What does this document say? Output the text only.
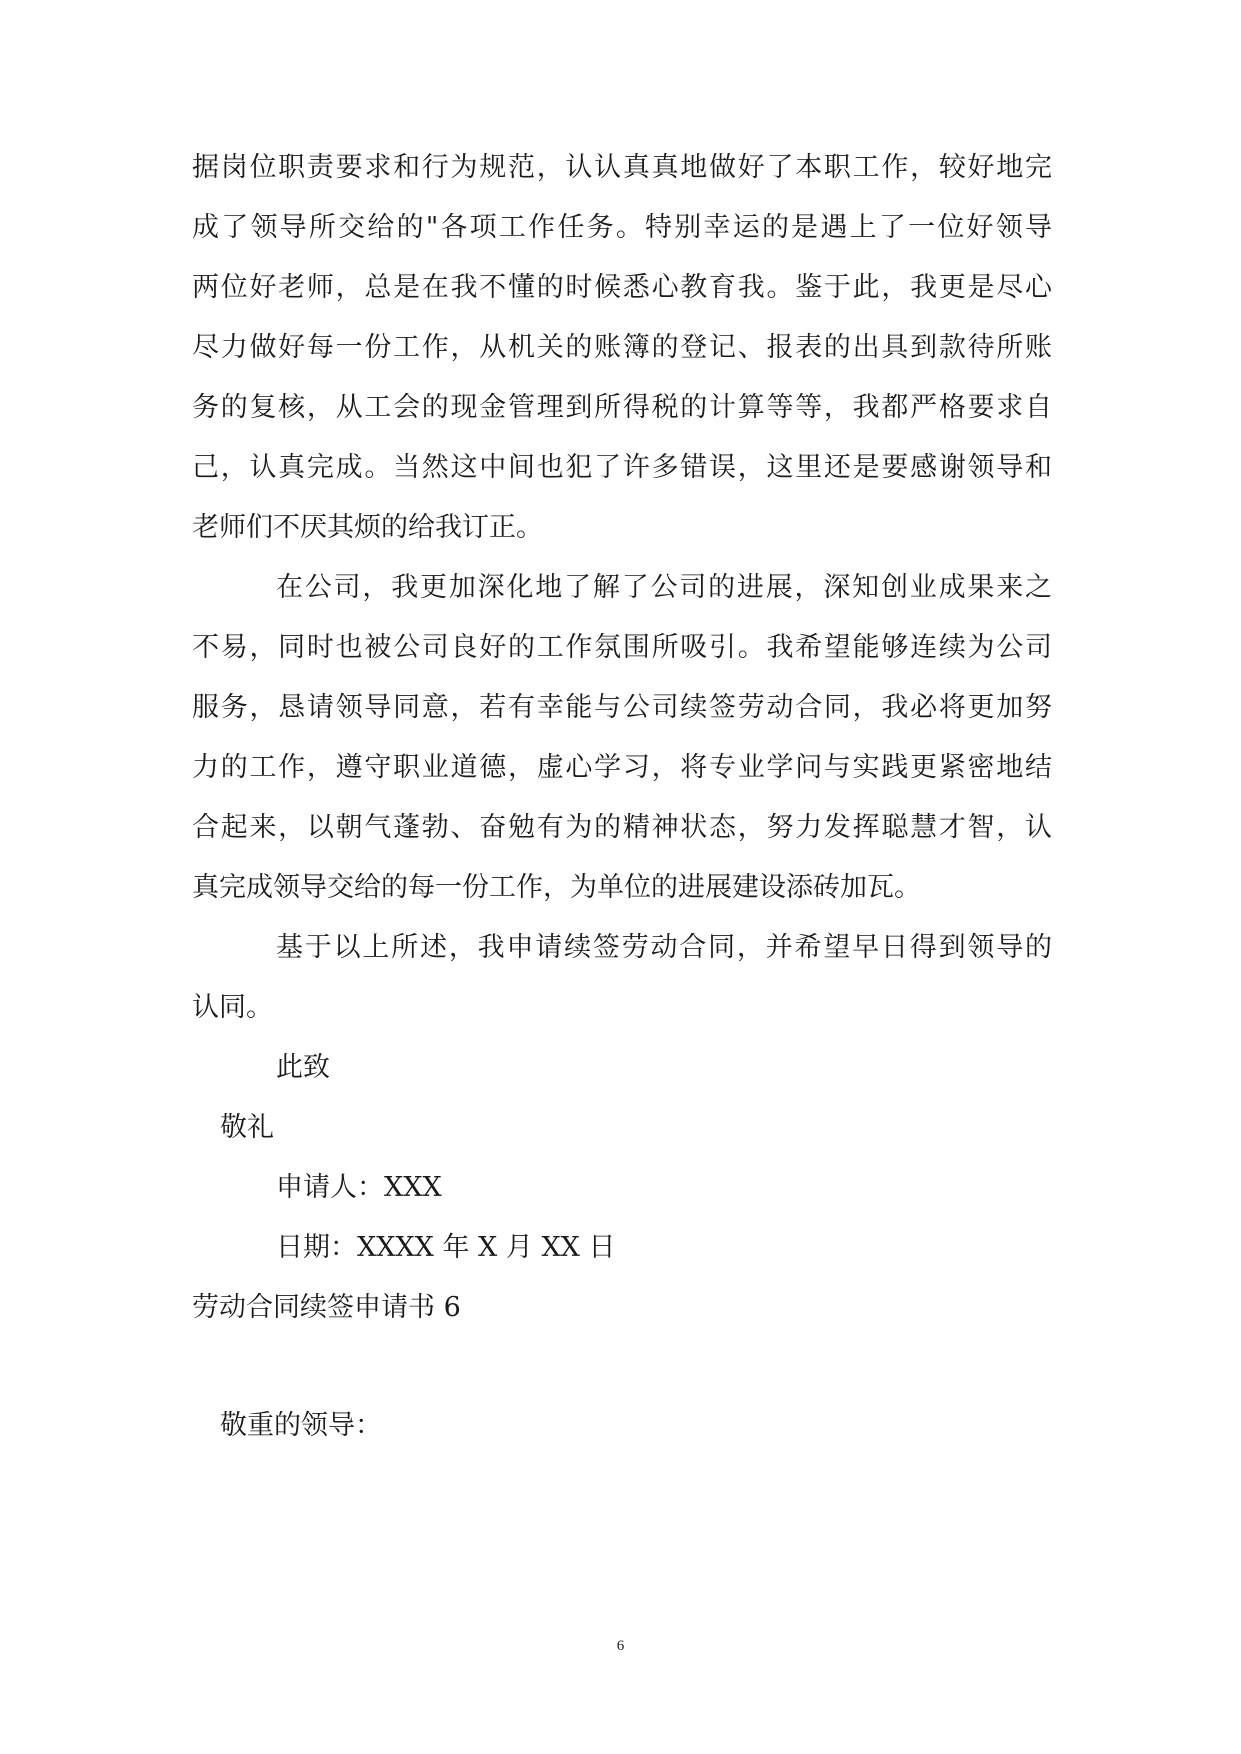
据岗位职责要求和行为规范，认认真真地做好了本职工作，较好地完
成了领导所交给的"各项工作任务。特别幸运的是遇上了一位好领导
两位好老师，总是在我不懂的时候悉心教育我。鉴于此，我更是尽心
尽力做好每一份工作，从机关的账簿的登记、报表的出具到款待所账
务的复核，从工会的现金管理到所得税的计算等等，我都严格要求自
己，认真完成。当然这中间也犯了许多错误，这里还是要感谢领导和
老师们不厌其烦的给我订正。
在公司，我更加深化地了解了公司的进展，深知创业成果来之
不易，同时也被公司良好的工作氛围所吸引。我希望能够连续为公司
服务，恳请领导同意，若有幸能与公司续签劳动合同，我必将更加努
力的工作，遵守职业道德，虚心学习，将专业学问与实践更紧密地结
合起来，以朝气蓬勃、奋勉有为的精神状态，努力发挥聪慧才智，认
真完成领导交给的每一份工作，为单位的进展建设添砖加瓦。
基于以上所述，我申请续签劳动合同，并希望早日得到领导的
认同。
此致
敬礼
申请人：XXX
日期：XXXX 年 X 月 XX 日
劳动合同续签申请书 6
敬重的领导：
6
